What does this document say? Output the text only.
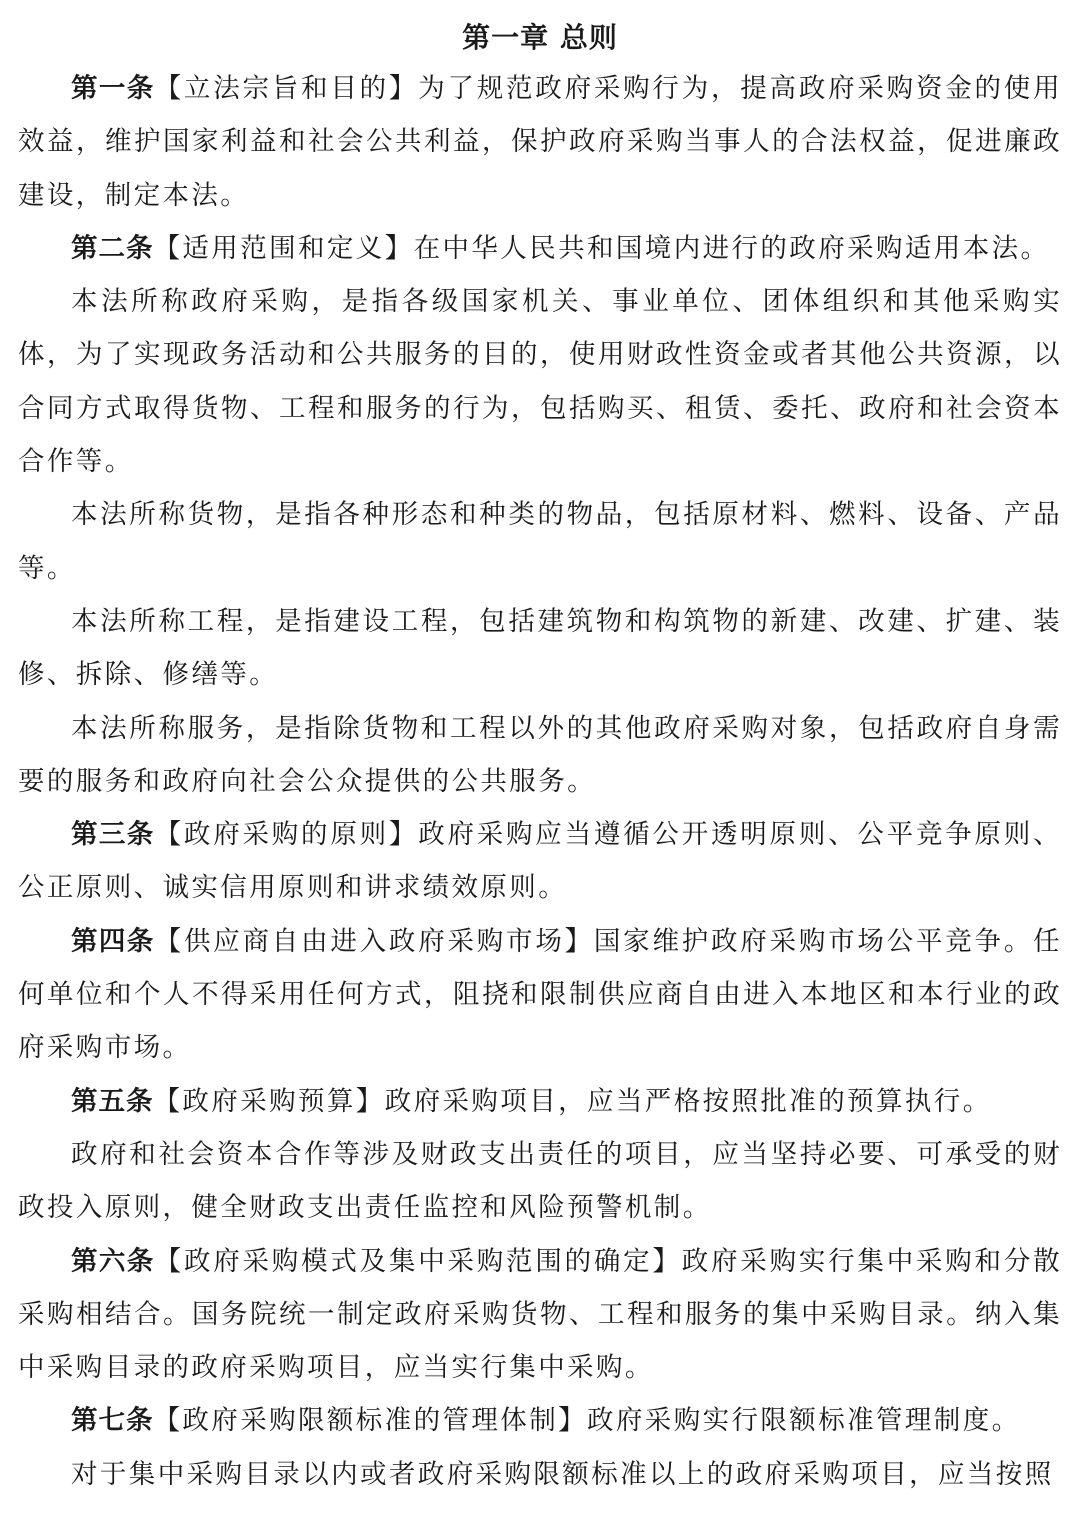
第一章 总则

第一条【立法宗旨和目的】为了规范政府采购行为，提高政府采购资金的使用效益，维护国家利益和社会公共利益，保护政府采购当事人的合法权益，促进廉政建设，制定本法。

第二条【适用范围和定义】在中华人民共和国境内进行的政府采购适用本法。

本法所称政府采购，是指各级国家机关、事业单位、团体组织和其他采购实体，为了实现政务活动和公共服务的目的，使用财政性资金或者其他公共资源，以合同方式取得货物、工程和服务的行为，包括购买、租赁、委托、政府和社会资本合作等。

本法所称货物，是指各种形态和种类的物品，包括原材料、燃料、设备、产品等。

本法所称工程，是指建设工程，包括建筑物和构筑物的新建、改建、扩建、装修、拆除、修缮等。

本法所称服务，是指除货物和工程以外的其他政府采购对象，包括政府自身需要的服务和政府向社会公众提供的公共服务。

第三条【政府采购的原则】政府采购应当遵循公开透明原则、公平竞争原则、公正原则、诚实信用原则和讲求绩效原则。

第四条【供应商自由进入政府采购市场】国家维护政府采购市场公平竞争。任何单位和个人不得采用任何方式，阻挠和限制供应商自由进入本地区和本行业的政府采购市场。

第五条【政府采购预算】政府采购项目，应当严格按照批准的预算执行。

政府和社会资本合作等涉及财政支出责任的项目，应当坚持必要、可承受的财政投入原则，健全财政支出责任监控和风险预警机制。

第六条【政府采购模式及集中采购范围的确定】政府采购实行集中采购和分散采购相结合。国务院统一制定政府采购货物、工程和服务的集中采购目录。纳入集中采购目录的政府采购项目，应当实行集中采购。

第七条【政府采购限额标准的管理体制】政府采购实行限额标准管理制度。

对于集中采购目录以内或者政府采购限额标准以上的政府采购项目，应当按照
